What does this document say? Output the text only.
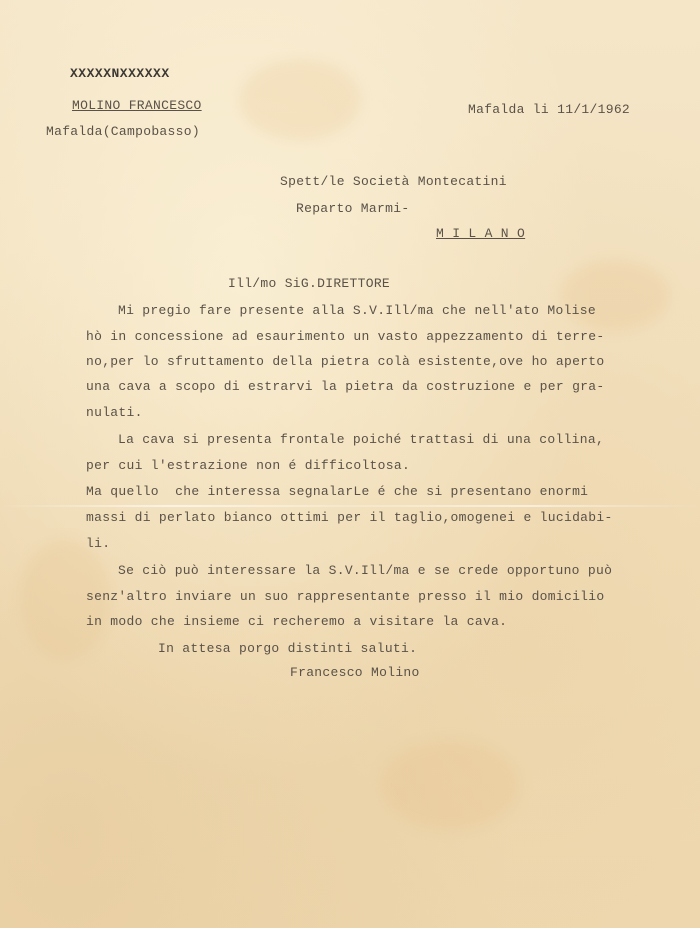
XXXXXNXXXXXX

MOLINO FRANCESCO

Mafalda(Campobasso)

Mafalda li 11/1/1962

Spett/le Società Montecatini

Reparto Marmi-

M I L A N O

Ill/mo SiG.DIRETTORE

Mi pregio fare presente alla S.V.Ill/ma che nell'ato Molise

hò in concessione ad esaurimento un vasto appezzamento di terre-

no,per lo sfruttamento della pietra colà esistente,ove ho aperto

una cava a scopo di estrarvi la pietra da costruzione e per gra-

nulati.

La cava si presenta frontale poiché trattasi di una collina,

per cui l'estrazione non é difficoltosa.

Ma quello  che interessa segnalarLe é che si presentano enormi

massi di perlato bianco ottimi per il taglio,omogenei e lucidabi-

li.

Se ciò può interessare la S.V.Ill/ma e se crede opportuno può

senz'altro inviare un suo rappresentante presso il mio domicilio

in modo che insieme ci recheremo a visitare la cava.

In attesa porgo distinti saluti.

Francesco Molino
